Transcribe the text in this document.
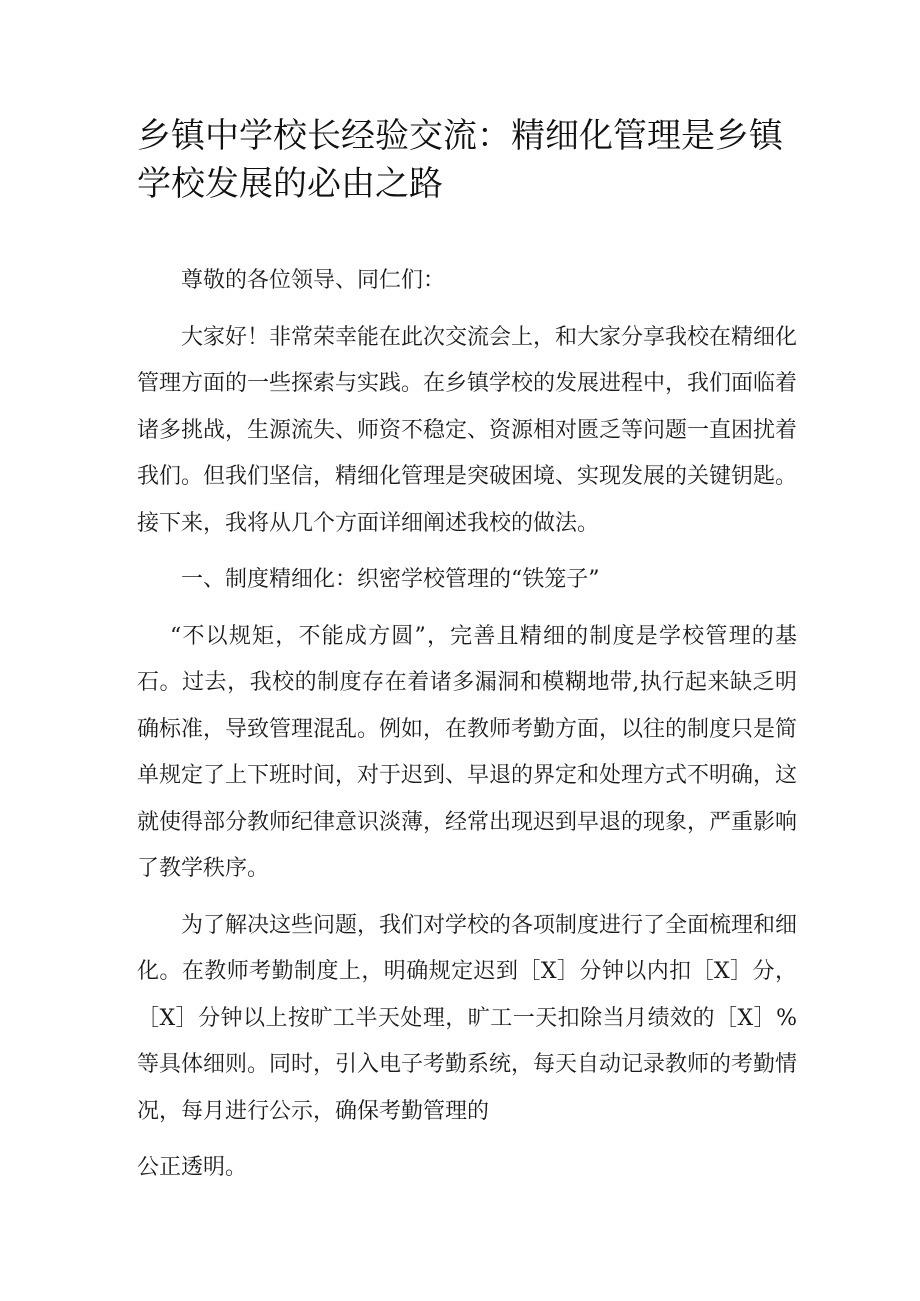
乡镇中学校长经验交流：精细化管理是乡镇学校发展的必由之路

尊敬的各位领导、同仁们：

大家好！非常荣幸能在此次交流会上，和大家分享我校在精细化管理方面的一些探索与实践。在乡镇学校的发展进程中，我们面临着诸多挑战，生源流失、师资不稳定、资源相对匮乏等问题一直困扰着我们。但我们坚信，精细化管理是突破困境、实现发展的关键钥匙。接下来，我将从几个方面详细阐述我校的做法。

一、制度精细化：织密学校管理的“铁笼子”

“不以规矩，不能成方圆”，完善且精细的制度是学校管理的基石。过去，我校的制度存在着诸多漏洞和模糊地带,执行起来缺乏明确标准，导致管理混乱。例如，在教师考勤方面，以往的制度只是简单规定了上下班时间，对于迟到、早退的界定和处理方式不明确，这就使得部分教师纪律意识淡薄，经常出现迟到早退的现象，严重影响了教学秩序。

为了解决这些问题，我们对学校的各项制度进行了全面梳理和细化。在教师考勤制度上，明确规定迟到［X］分钟以内扣［X］分，［X］分钟以上按旷工半天处理，旷工一天扣除当月绩效的［X］%等具体细则。同时，引入电子考勤系统，每天自动记录教师的考勤情况，每月进行公示，确保考勤管理的

公正透明。
